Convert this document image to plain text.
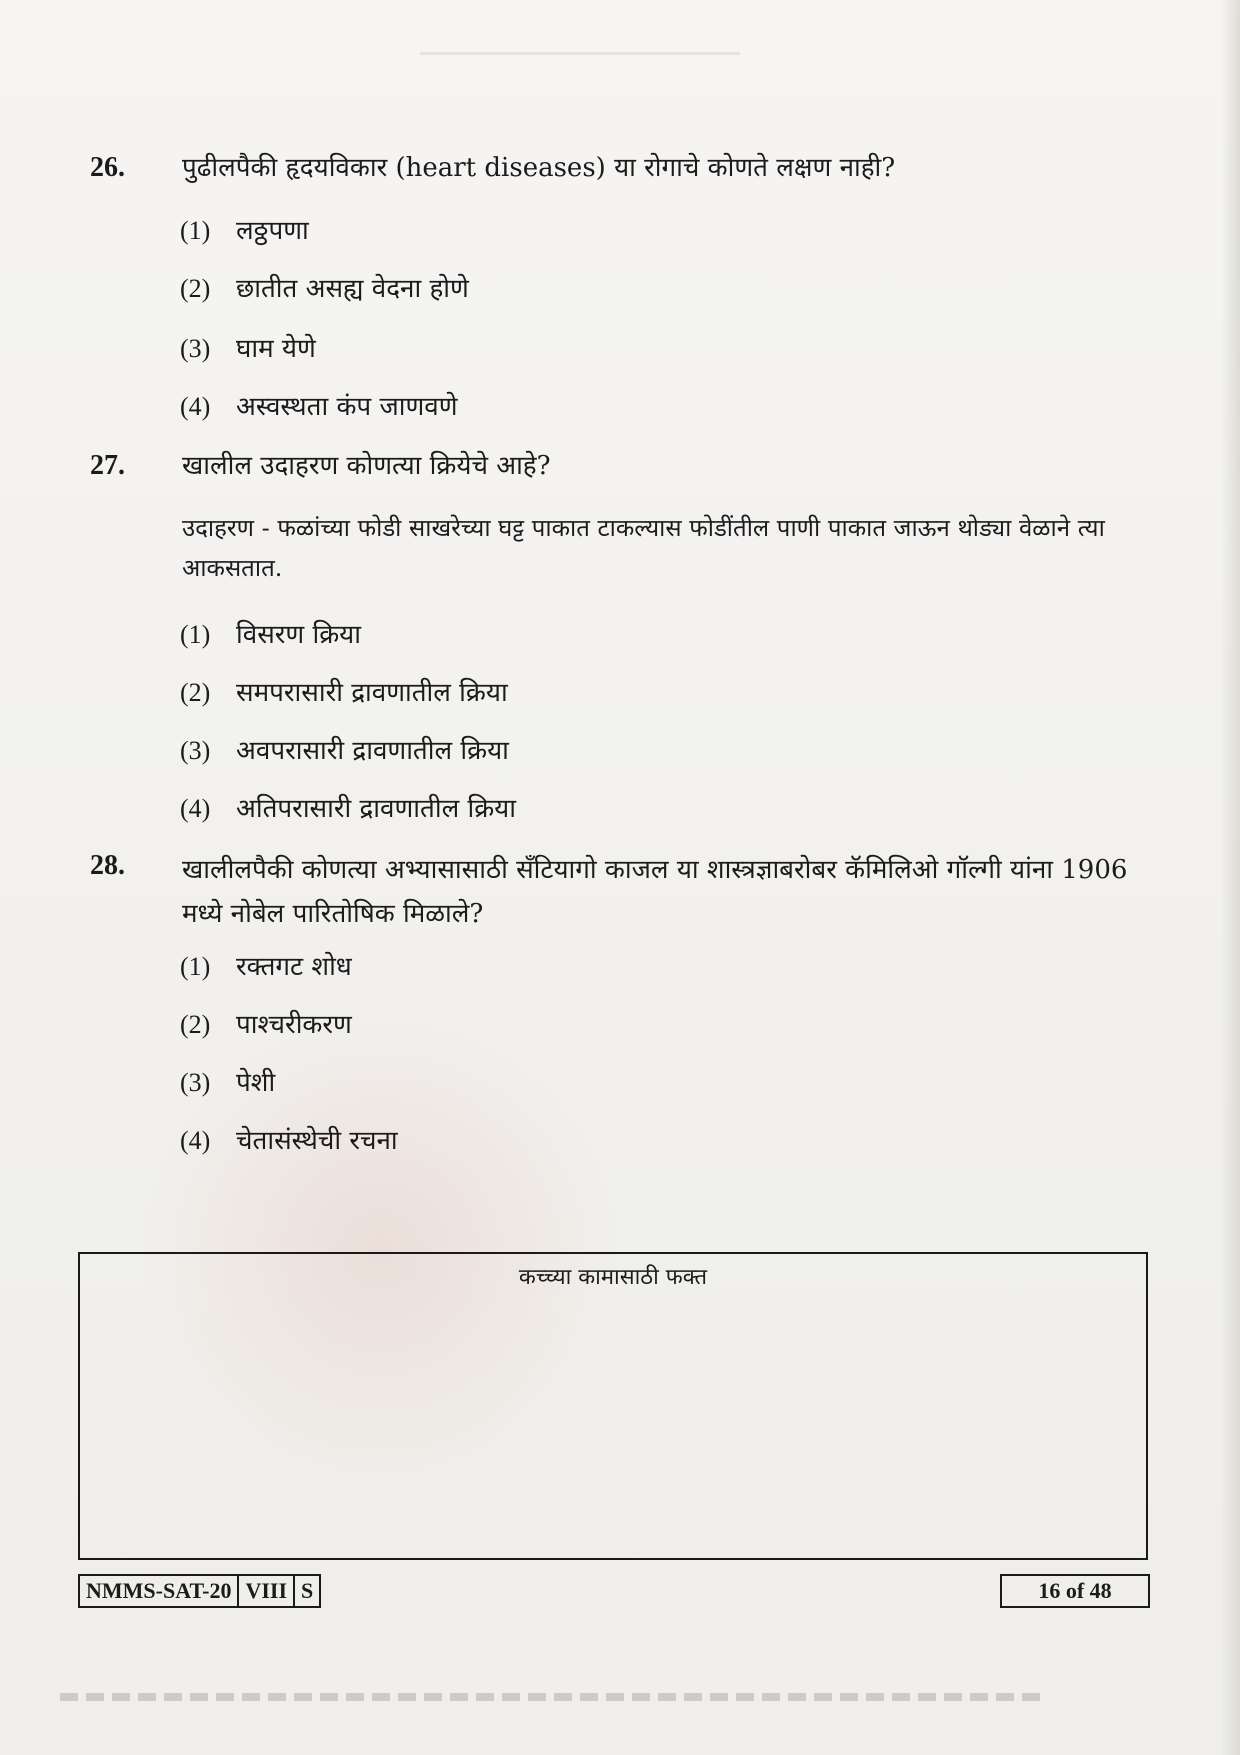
26.	पुढीलपैकी हृदयविकार (heart diseases) या रोगाचे कोणते लक्षण नाही?
(1) लठ्ठपणा
(2) छातीत असह्य वेदना होणे
(3) घाम येणे
(4) अस्वस्थता कंप जाणवणे
27.	खालील उदाहरण कोणत्या क्रियेचे आहे?
उदाहरण - फळांच्या फोडी साखरेच्या घट्ट पाकात टाकल्यास फोडींतील पाणी पाकात जाऊन थोड्या वेळाने त्या आकसतात.
(1) विसरण क्रिया
(2) समपरासारी द्रावणातील क्रिया
(3) अवपरासारी द्रावणातील क्रिया
(4) अतिपरासारी द्रावणातील क्रिया
28.	खालीलपैकी कोणत्या अभ्यासासाठी सँटियागो काजल या शास्त्रज्ञाबरोबर कॅमिलिओ गॉल्गी यांना 1906 मध्ये नोबेल पारितोषिक मिळाले?
(1) रक्तगट शोध
(2) पाश्चरीकरण
(3) पेशी
(4) चेतासंस्थेची रचना
कच्च्या कामासाठी फक्त
NMMS-SAT-20 VIII S	16 of 48
